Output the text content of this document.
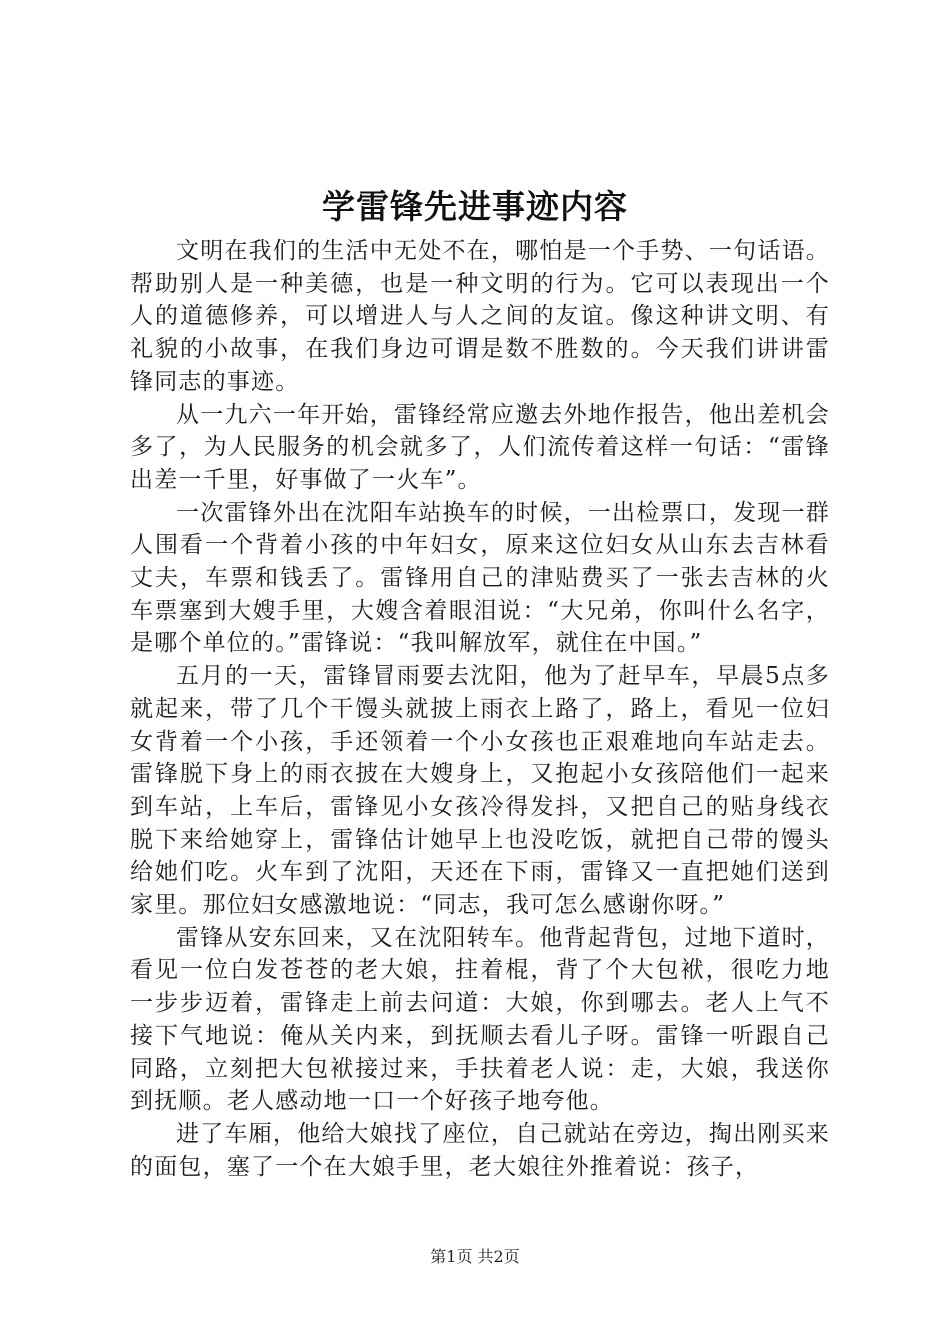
学雷锋先进事迹内容

文明在我们的生活中无处不在，哪怕是一个手势、一句话语。帮助别人是一种美德，也是一种文明的行为。它可以表现出一个人的道德修养，可以增进人与人之间的友谊。像这种讲文明、有礼貌的小故事，在我们身边可谓是数不胜数的。今天我们讲讲雷锋同志的事迹。

从一九六一年开始，雷锋经常应邀去外地作报告，他出差机会多了，为人民服务的机会就多了，人们流传着这样一句话：“雷锋出差一千里，好事做了一火车”。

一次雷锋外出在沈阳车站换车的时候，一出检票口，发现一群人围看一个背着小孩的中年妇女，原来这位妇女从山东去吉林看丈夫，车票和钱丢了。雷锋用自己的津贴费买了一张去吉林的火车票塞到大嫂手里，大嫂含着眼泪说：“大兄弟，你叫什么名字，是哪个单位的。”雷锋说：“我叫解放军，就住在中国。”

五月的一天，雷锋冒雨要去沈阳，他为了赶早车，早晨5点多就起来，带了几个干馒头就披上雨衣上路了，路上，看见一位妇女背着一个小孩，手还领着一个小女孩也正艰难地向车站走去。雷锋脱下身上的雨衣披在大嫂身上，又抱起小女孩陪他们一起来到车站，上车后，雷锋见小女孩冷得发抖，又把自己的贴身线衣脱下来给她穿上，雷锋估计她早上也没吃饭，就把自己带的馒头给她们吃。火车到了沈阳，天还在下雨，雷锋又一直把她们送到家里。那位妇女感激地说：“同志，我可怎么感谢你呀。”

雷锋从安东回来，又在沈阳转车。他背起背包，过地下道时，看见一位白发苍苍的老大娘，拄着棍，背了个大包袱，很吃力地一步步迈着，雷锋走上前去问道：大娘，你到哪去。老人上气不接下气地说：俺从关内来，到抚顺去看儿子呀。雷锋一听跟自己同路，立刻把大包袱接过来，手扶着老人说：走，大娘，我送你到抚顺。老人感动地一口一个好孩子地夸他。

进了车厢，他给大娘找了座位，自己就站在旁边，掏出刚买来的面包，塞了一个在大娘手里，老大娘往外推着说：孩子，

第1页 共2页
